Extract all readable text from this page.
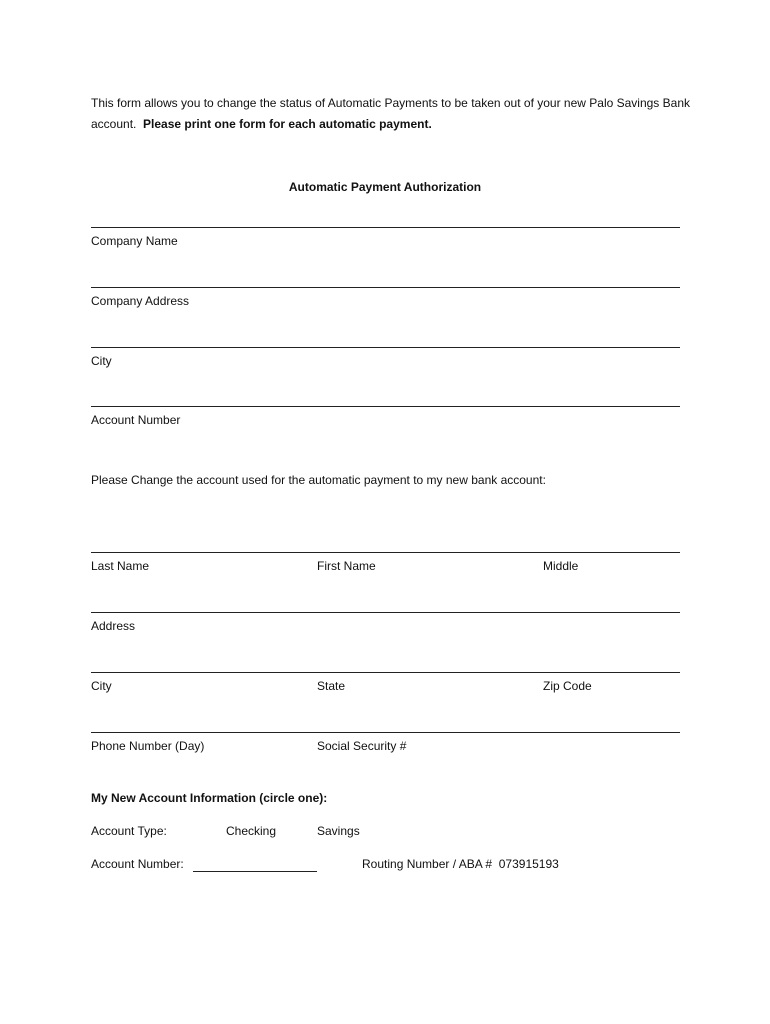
This form allows you to change the status of Automatic Payments to be taken out of your new Palo Savings Bank account. Please print one form for each automatic payment.
Automatic Payment Authorization
Company Name
Company Address
City
Account Number
Please Change the account used for the automatic payment to my new bank account:
Last Name	First Name	Middle
Address
City	State	Zip Code
Phone Number (Day)	Social Security #
My New Account Information (circle one):
Account Type:	Checking	Savings
Account Number:	Routing Number / ABA # 073915193
